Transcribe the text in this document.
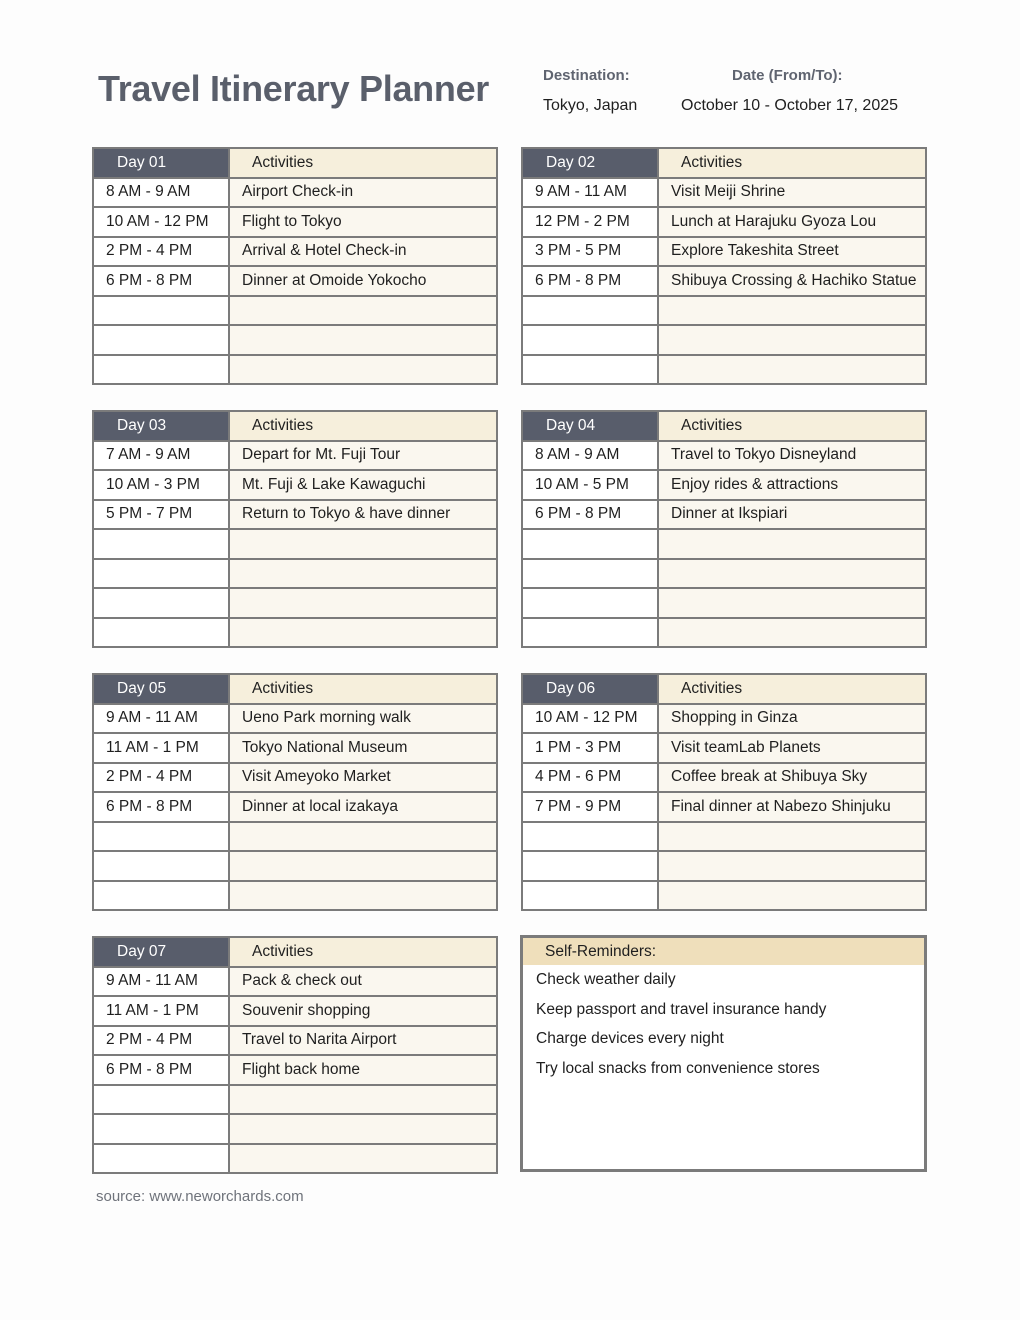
Travel Itinerary Planner	Destination:
Tokyo, Japan
Date (From/To):
October 10 - October 17, 2025
Day 01	Activities
8 AM - 9 AM	Airport Check-in
10 AM - 12 PM	Flight to Tokyo
2 PM - 4 PM	Arrival & Hotel Check-in
6 PM - 8 PM	Dinner at Omoide Yokocho

Day 02	Activities
9 AM - 11 AM	Visit Meiji Shrine
12 PM - 2 PM	Lunch at Harajuku Gyoza Lou
3 PM - 5 PM	Explore Takeshita Street
6 PM - 8 PM	Shibuya Crossing & Hachiko Statue

Day 03	Activities
7 AM - 9 AM	Depart for Mt. Fuji Tour
10 AM - 3 PM	Mt. Fuji & Lake Kawaguchi
5 PM - 7 PM	Return to Tokyo & have dinner

Day 04	Activities
8 AM - 9 AM	Travel to Tokyo Disneyland
10 AM - 5 PM	Enjoy rides & attractions
6 PM - 8 PM	Dinner at Ikspiari

Day 05	Activities
9 AM - 11 AM	Ueno Park morning walk
11 AM - 1 PM	Tokyo National Museum
2 PM - 4 PM	Visit Ameyoko Market
6 PM - 8 PM	Dinner at local izakaya

Day 06	Activities
10 AM - 12 PM	Shopping in Ginza
1 PM - 3 PM	Visit teamLab Planets
4 PM - 6 PM	Coffee break at Shibuya Sky
7 PM - 9 PM	Final dinner at Nabezo Shinjuku

Day 07	Activities
9 AM - 11 AM	Pack & check out
11 AM - 1 PM	Souvenir shopping
2 PM - 4 PM	Travel to Narita Airport
6 PM - 8 PM	Flight back home

Self-Reminders:
Check weather daily
Keep passport and travel insurance handy
Charge devices every night
Try local snacks from convenience stores
source: www.neworchards.com
